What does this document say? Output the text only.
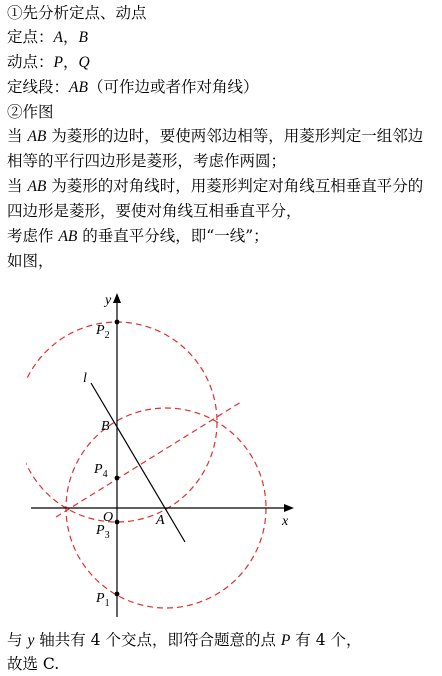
①先分析定点、动点
定点：A，B
动点：P，Q
定线段：AB（可作边或者作对角线）
②作图
当 AB 为菱形的边时，要使两邻边相等，用菱形判定一组邻边
相等的平行四边形是菱形，考虑作两圆；
当 AB 为菱形的对角线时，用菱形判定对角线互相垂直平分的
四边形是菱形，要使对角线互相垂直平分，
考虑作 AB 的垂直平分线，即“一线”；
如图，
y
x
O
l
B
A
$P_2$
$P_4$
$P_3$
$P_1$
与 y 轴共有 4 个交点，即符合题意的点 P 有 4 个，
故选 C.
